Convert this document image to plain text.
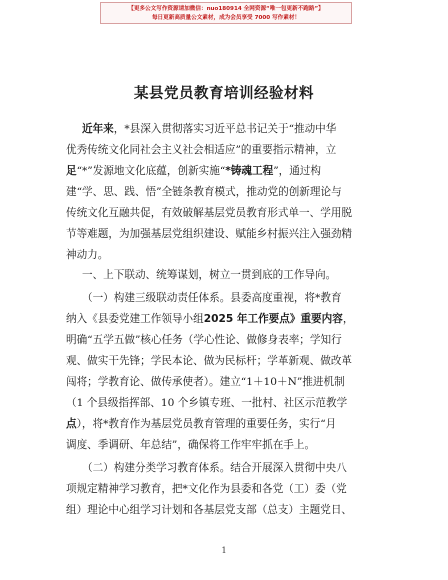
【更多公文写作资源请加微信：nuo180914 全网资源“唯一包更新不跑路”】
每日更新高质量公文素材，成为会员享受 7000 写作素材！
某县党员教育培训经验材料
近年来，*县深入贯彻落实习近平总书记关于“推动中华
优秀传统文化同社会主义社会相适应”的重要指示精神，立
足“*”发源地文化底蕴，创新实施“*铸魂工程”，通过构
建“学、思、践、悟”全链条教育模式，推动党的创新理论与
传统文化互融共促，有效破解基层党员教育形式单一、学用脱
节等难题，为加强基层党组织建设、赋能乡村振兴注入强劲精
神动力。
一、上下联动、统筹谋划，树立一贯到底的工作导向。
（一）构建三级联动责任体系。县委高度重视，将*教育
纳入《县委党建工作领导小组2025 年工作要点》重要内容，
明确“五学五做”核心任务（学心性论、做修身表率；学知行
观、做实干先锋；学民本论、做为民标杆；学革新观、做改革
闯将；学教育论、做传承使者）。建立“1＋10＋N”推进机制
（1 个县级指挥部、10 个乡镇专班、一批村、社区示范教学
点），将*教育作为基层党员教育管理的重要任务，实行“月
调度、季调研、年总结”，确保将工作牢牢抓在手上。
（二）构建分类学习教育体系。结合开展深入贯彻中央八
项规定精神学习教育，把*文化作为县委和各党（工）委（党
组）理论中心组学习计划和各基层党支部（总支）主题党日、
1
